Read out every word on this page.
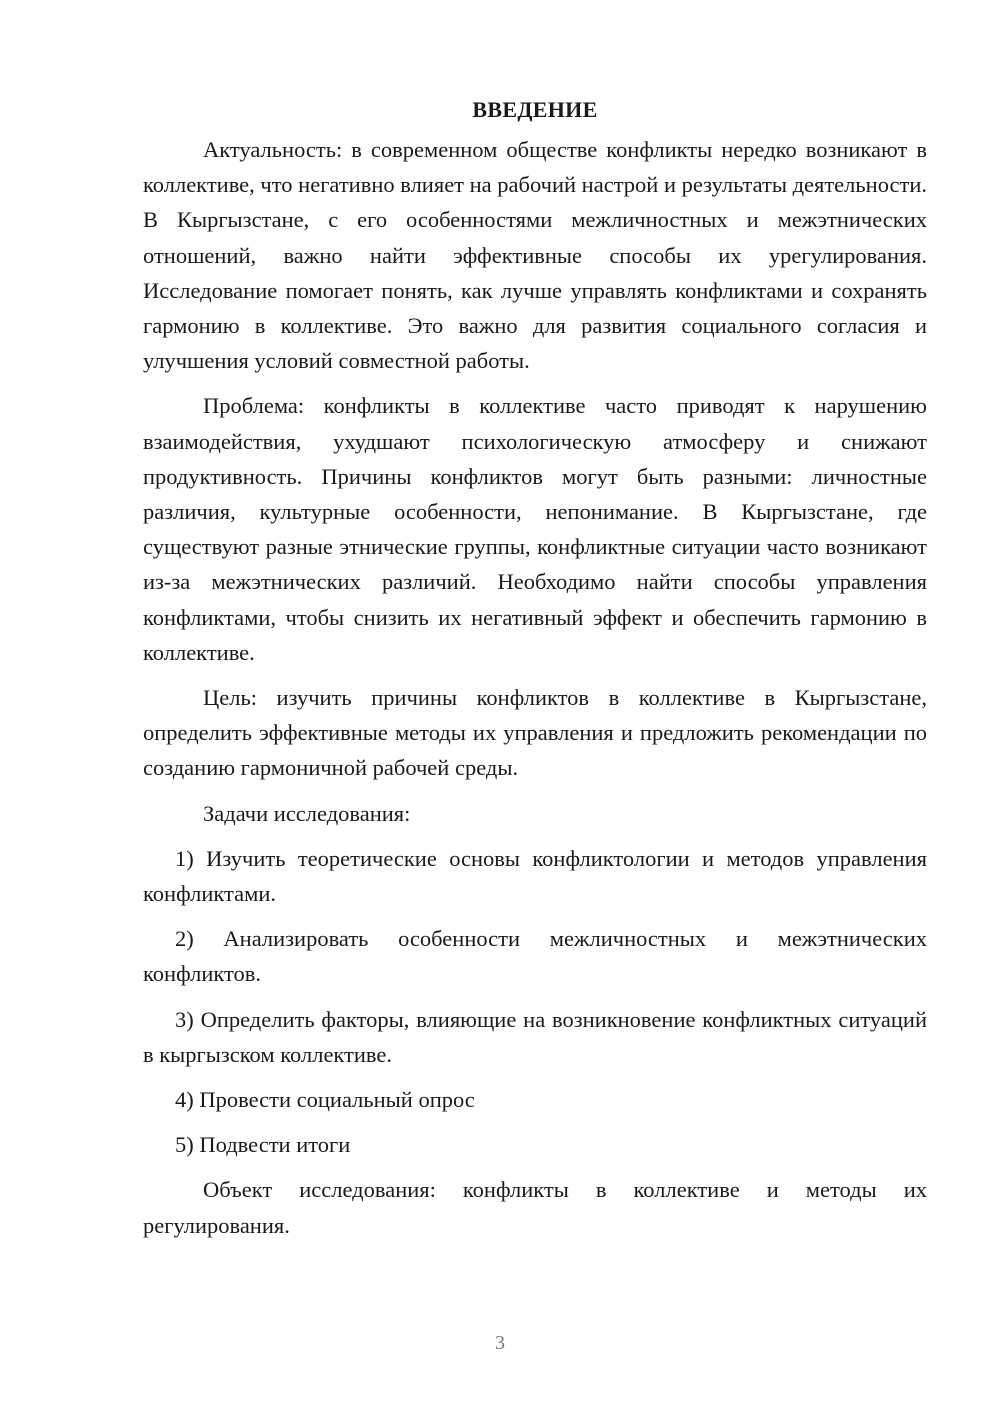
ВВЕДЕНИЕ

Актуальность: в современном обществе конфликты нередко возникают в коллективе, что негативно влияет на рабочий настрой и результаты деятельности. В Кыргызстане, с его особенностями межличностных и межэтнических отношений, важно найти эффективные способы их урегулирования. Исследование помогает понять, как лучше управлять конфликтами и сохранять гармонию в коллективе. Это важно для развития социального согласия и улучшения условий совместной работы.

Проблема: конфликты в коллективе часто приводят к нарушению взаимодействия, ухудшают психологическую атмосферу и снижают продуктивность. Причины конфликтов могут быть разными: личностные различия, культурные особенности, непонимание. В Кыргызстане, где существуют разные этнические группы, конфликтные ситуации часто возникают из-за межэтнических различий. Необходимо найти способы управления конфликтами, чтобы снизить их негативный эффект и обеспечить гармонию в коллективе.

Цель: изучить причины конфликтов в коллективе в Кыргызстане, определить эффективные методы их управления и предложить рекомендации по созданию гармоничной рабочей среды.

Задачи исследования:

1) Изучить теоретические основы конфликтологии и методов управления конфликтами.

2) Анализировать особенности межличностных и межэтнических конфликтов.

3) Определить факторы, влияющие на возникновение конфликтных ситуаций в кыргызском коллективе.

4) Провести социальный опрос

5) Подвести итоги

Объект исследования: конфликты в коллективе и методы их регулирования.

3
